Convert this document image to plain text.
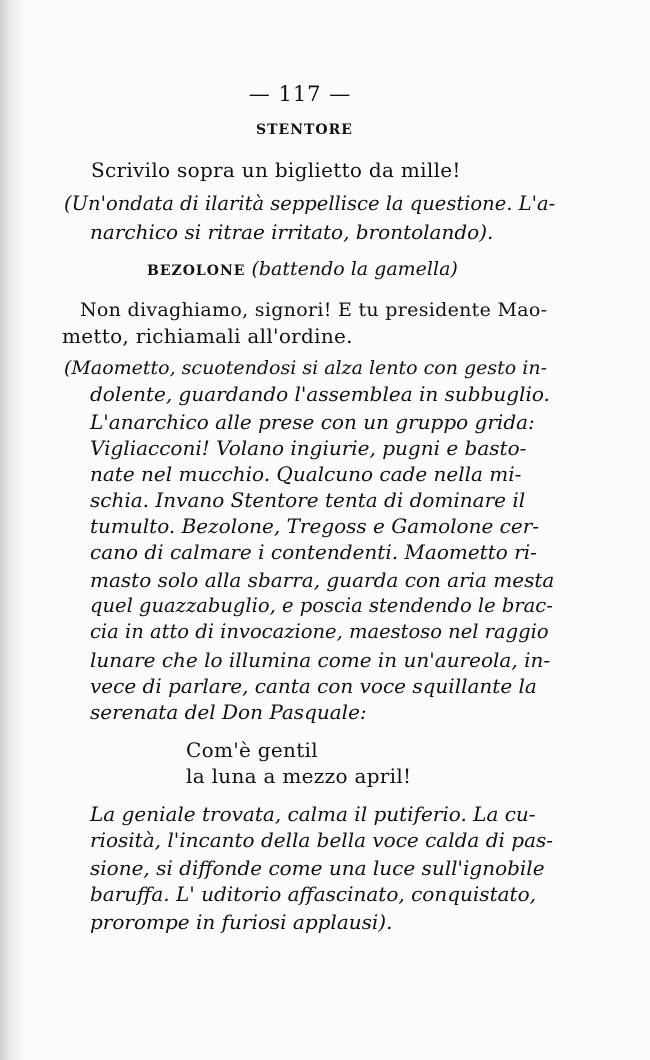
— 117 —
STENTORE
Scrivilo sopra un biglietto da mille!
(Un'ondata di ilarità seppellisce la questione. L'a-
narchico si ritrae irritato, brontolando).
BEZOLONE (battendo la gamella)
Non divaghiamo, signori! E tu presidente Mao-
metto, richiamali all'ordine.
(Maometto, scuotendosi si alza lento con gesto in-
dolente, guardando l'assemblea in subbuglio.
L'anarchico alle prese con un gruppo grida:
Vigliacconi! Volano ingiurie, pugni e basto-
nate nel mucchio. Qualcuno cade nella mi-
schia. Invano Stentore tenta di dominare il
tumulto. Bezolone, Tregoss e Gamolone cer-
cano di calmare i contendenti. Maometto ri-
masto solo alla sbarra, guarda con aria mesta
quel guazzabuglio, e poscia stendendo le brac-
cia in atto di invocazione, maestoso nel raggio
lunare che lo illumina come in un'aureola, in-
vece di parlare, canta con voce squillante la
serenata del Don Pasquale:
Com'è gentil
la luna a mezzo april!
La geniale trovata, calma il putiferio. La cu-
riosità, l'incanto della bella voce calda di pas-
sione, si diffonde come una luce sull'ignobile
baruffa. L' uditorio affascinato, conquistato,
prorompe in furiosi applausi).
